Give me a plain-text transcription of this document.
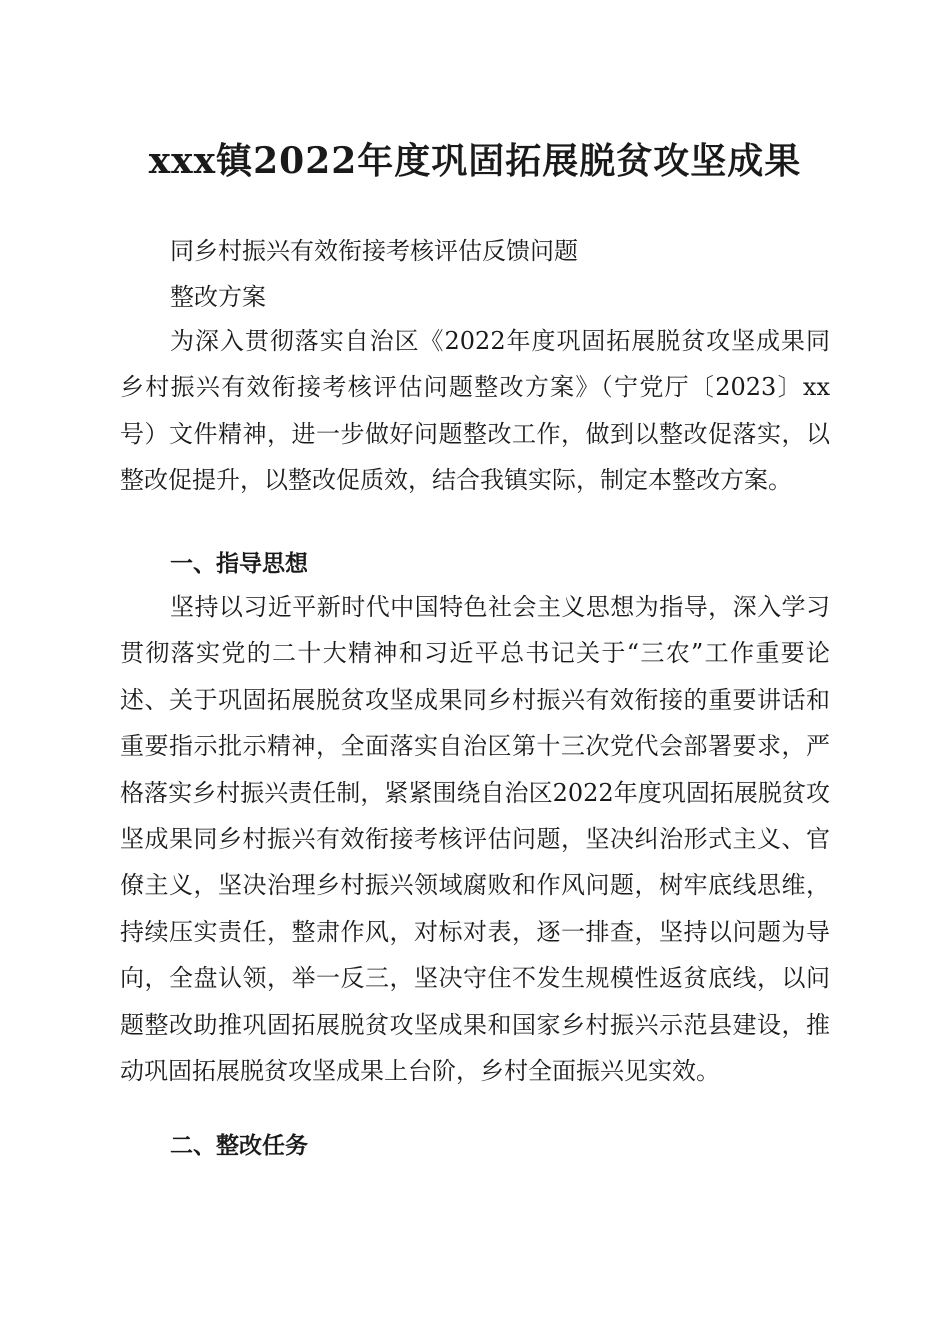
xxx镇2022年度巩固拓展脱贫攻坚成果

同乡村振兴有效衔接考核评估反馈问题

整改方案

为深入贯彻落实自治区《2022年度巩固拓展脱贫攻坚成果同乡村振兴有效衔接考核评估问题整改方案》（宁党厅〔2023〕xx号）文件精神，进一步做好问题整改工作，做到以整改促落实，以整改促提升，以整改促质效，结合我镇实际，制定本整改方案。

一、指导思想

坚持以习近平新时代中国特色社会主义思想为指导，深入学习贯彻落实党的二十大精神和习近平总书记关于“三农”工作重要论述、关于巩固拓展脱贫攻坚成果同乡村振兴有效衔接的重要讲话和重要指示批示精神，全面落实自治区第十三次党代会部署要求，严格落实乡村振兴责任制，紧紧围绕自治区2022年度巩固拓展脱贫攻坚成果同乡村振兴有效衔接考核评估问题，坚决纠治形式主义、官僚主义，坚决治理乡村振兴领域腐败和作风问题，树牢底线思维，持续压实责任，整肃作风，对标对表，逐一排查，坚持以问题为导向，全盘认领，举一反三，坚决守住不发生规模性返贫底线，以问题整改助推巩固拓展脱贫攻坚成果和国家乡村振兴示范县建设，推动巩固拓展脱贫攻坚成果上台阶，乡村全面振兴见实效。

二、整改任务
